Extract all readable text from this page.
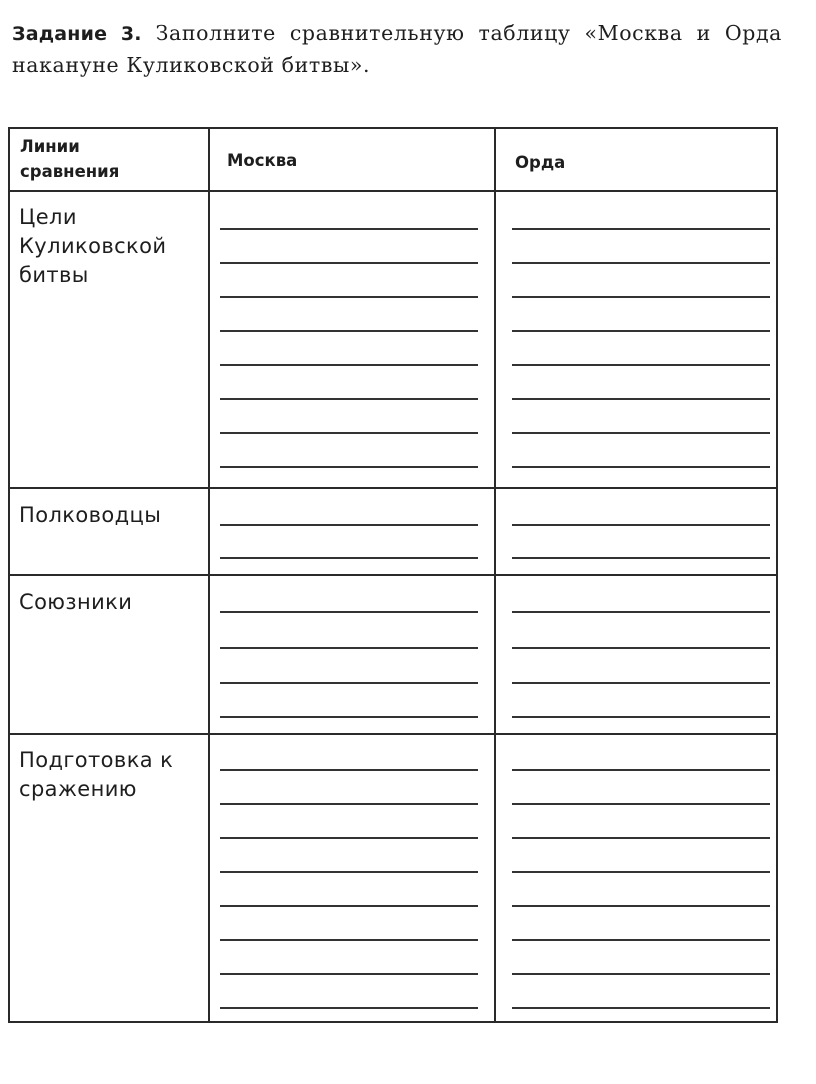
Задание 3. Заполните сравнительную таблицу «Москва и Орда накануне Куликовской битвы».
Линии сравнения
Москва	Орда
Цели Куликовской битвы
Полководцы
Союзники
Подготовка к сражению
